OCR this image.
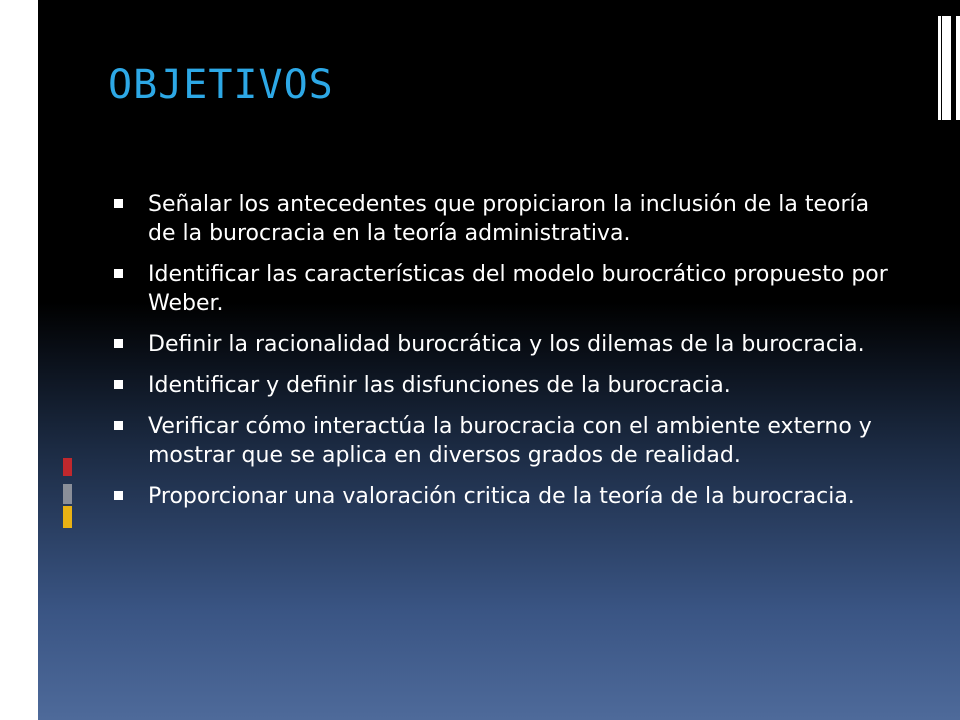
OBJETIVOS
Señalar los antecedentes que propiciaron la inclusión de la teoría de la burocracia en la teoría administrativa.
Identificar las características del modelo burocrático propuesto por Weber.
Definir la racionalidad burocrática y los dilemas de la burocracia.
Identificar y definir las disfunciones de la burocracia.
Verificar cómo interactúa la burocracia con el ambiente externo y mostrar que se aplica en diversos grados de realidad.
Proporcionar una valoración critica de la teoría de la burocracia.
